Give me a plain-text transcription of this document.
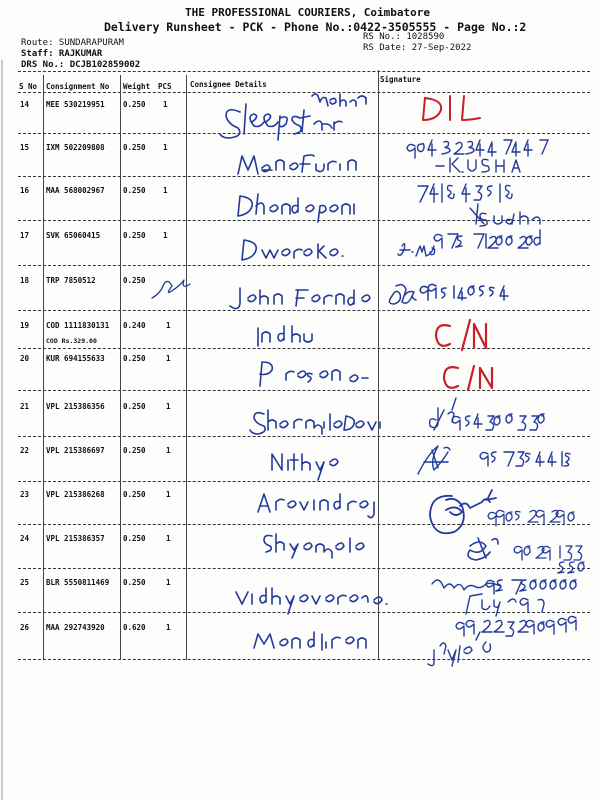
THE PROFESSIONAL COURIERS, Coimbatore
Delivery Runsheet - PCK - Phone No.:0422-3505555 - Page No.:2
Route: SUNDARAPURAM
Staff: RAJKUMAR
DRS No.: DCJB102859002
RS No.: 1028590
RS Date: 27-Sep-2022
S No Consignment No Weight PCS Consignee Details
Signature
14 MEE 530219951 0.250 1
15 IXM 502209808 0.250 1
16 MAA 568002967 0.250 1
17 SVK 65060415	0.250 1
18 TRP 7850512	0.250
19 COD 1111830131 0.240	1
COD Rs.329.00
20 KUR 694155633 0.250	1
21 VPL 215386356 0.250	1
22 VPL 215386697 0.250	1
23 VPL 215386268 0.250	1
24 VPL 215386357 0.250	1
25 BLR 5550811469 0.250	1
26 MAA 292743920 0.620	1
